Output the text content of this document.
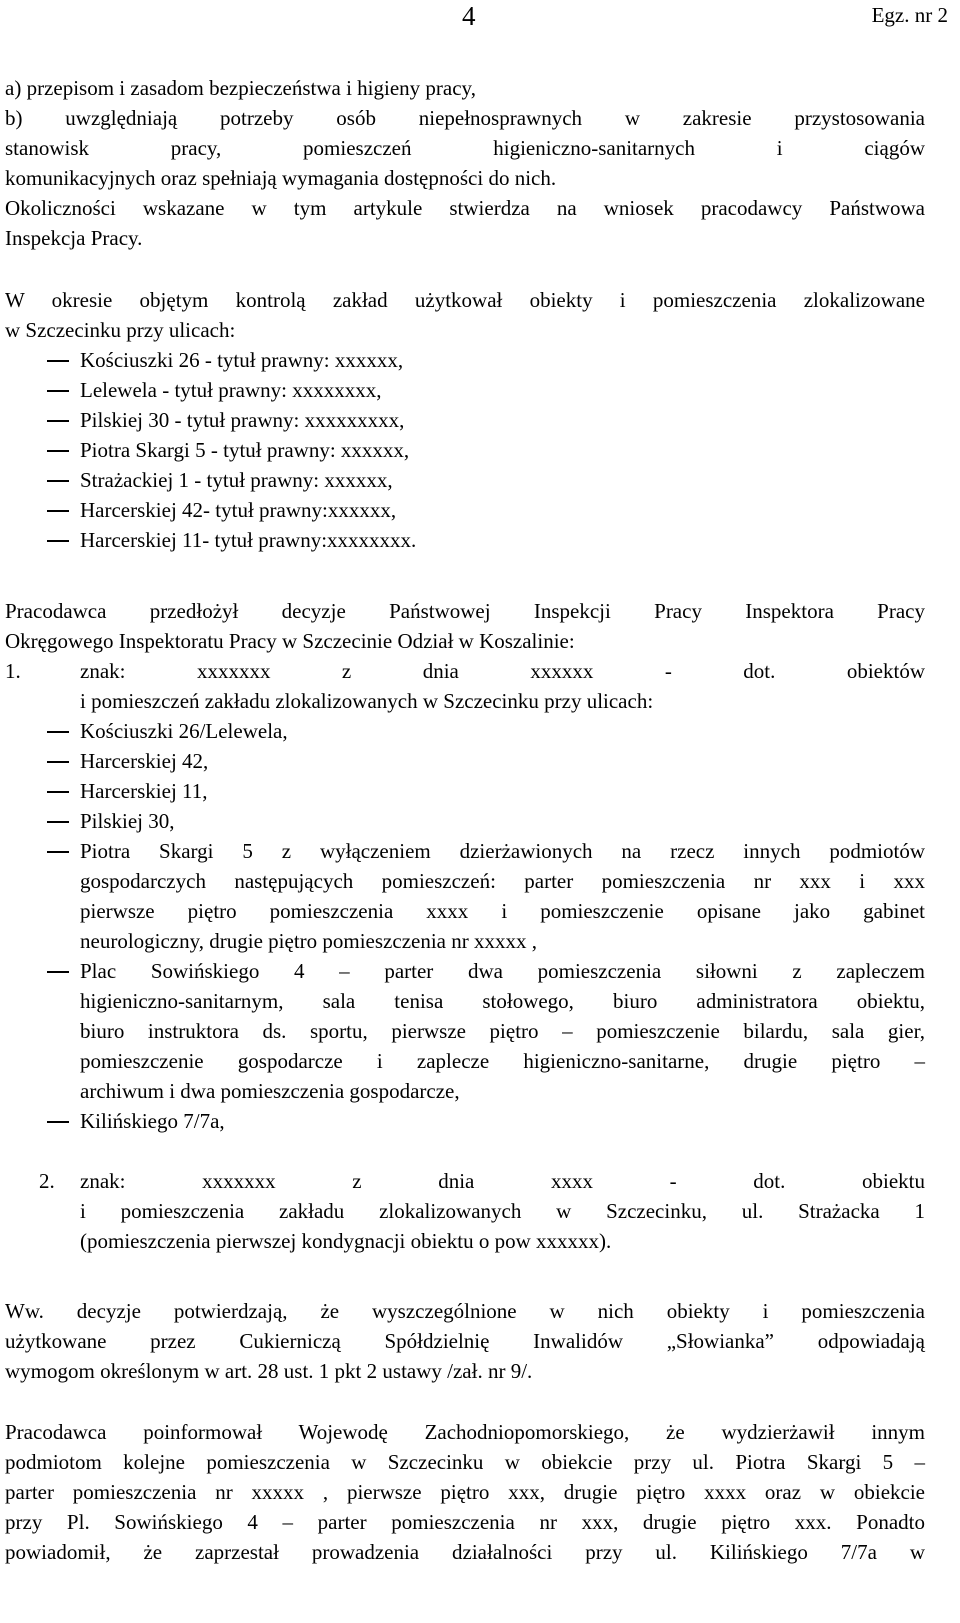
4	Egz. nr 2
a) przepisom i zasadom bezpieczeństwa i higieny pracy,
b) uwzględniają potrzeby osób niepełnosprawnych w zakresie przystosowania
stanowisk pracy, pomieszczeń higieniczno-sanitarnych i ciągów
komunikacyjnych oraz spełniają wymagania dostępności do nich.
Okoliczności wskazane w tym artykule stwierdza na wniosek pracodawcy Państwowa
Inspekcja Pracy.
W okresie objętym kontrolą zakład użytkował obiekty i pomieszczenia zlokalizowane
w Szczecinku przy ulicach:
Kościuszki 26 - tytuł prawny: xxxxxx,
Lelewela - tytuł prawny: xxxxxxxx,
Pilskiej 30 - tytuł prawny: xxxxxxxxx,
Piotra Skargi 5 - tytuł prawny: xxxxxx,
Strażackiej 1 - tytuł prawny: xxxxxx,
Harcerskiej 42- tytuł prawny:xxxxxx,
Harcerskiej 11- tytuł prawny:xxxxxxxx.
Pracodawca przedłożył decyzje Państwowej Inspekcji Pracy Inspektora Pracy
Okręgowego Inspektoratu Pracy w Szczecinie Odział w Koszalinie:
1.	znak: xxxxxxx z dnia xxxxxx - dot. obiektów
i pomieszczeń zakładu zlokalizowanych w Szczecinku przy ulicach:
Kościuszki 26/Lelewela,
Harcerskiej 42,
Harcerskiej 11,
Pilskiej 30,
Piotra Skargi 5 z wyłączeniem dzierżawionych na rzecz innych podmiotów
gospodarczych następujących pomieszczeń: parter pomieszczenia nr xxx i xxx
pierwsze piętro pomieszczenia xxxx i pomieszczenie opisane jako gabinet
neurologiczny, drugie piętro pomieszczenia nr xxxxx ,
Plac Sowińskiego 4 – parter dwa pomieszczenia siłowni z zapleczem
higieniczno-sanitarnym, sala tenisa stołowego, biuro administratora obiektu,
biuro instruktora ds. sportu, pierwsze piętro – pomieszczenie bilardu, sala gier,
pomieszczenie gospodarcze i zaplecze higieniczno-sanitarne, drugie piętro –
archiwum i dwa pomieszczenia gospodarcze,
Kilińskiego 7/7a,
2. znak: xxxxxxx z dnia xxxx - dot. obiektu
i pomieszczenia zakładu zlokalizowanych w Szczecinku, ul. Strażacka 1
(pomieszczenia pierwszej kondygnacji obiektu o pow xxxxxx).
Ww. decyzje potwierdzają, że wyszczególnione w nich obiekty i pomieszczenia
użytkowane przez Cukierniczą Spółdzielnię Inwalidów „Słowianka” odpowiadają
wymogom określonym w art. 28 ust. 1 pkt 2 ustawy /zał. nr 9/.
Pracodawca poinformował Wojewodę Zachodniopomorskiego, że wydzierżawił innym
podmiotom kolejne pomieszczenia w Szczecinku w obiekcie przy ul. Piotra Skargi 5 –
parter pomieszczenia nr xxxxx , pierwsze piętro xxx, drugie piętro xxxx oraz w obiekcie
przy Pl. Sowińskiego 4 – parter pomieszczenia nr xxx, drugie piętro xxx. Ponadto
powiadomił, że zaprzestał prowadzenia działalności przy ul. Kilińskiego 7/7a w
